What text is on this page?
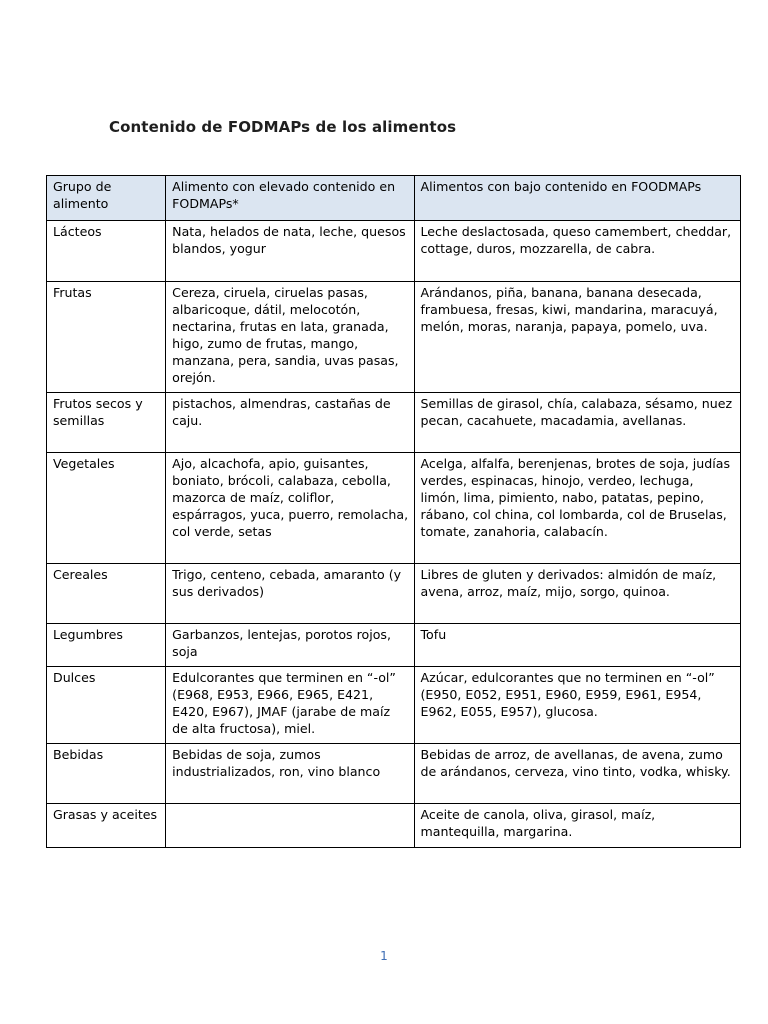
Contenido de FODMAPs de los alimentos
Grupo de alimento	Alimento con elevado contenido en FODMAPs*	Alimentos con bajo contenido en FOODMAPs
Lácteos	Nata, helados de nata, leche, quesos blandos, yogur	Leche deslactosada, queso camembert, cheddar, cottage, duros, mozzarella, de cabra.
Frutas	Cereza, ciruela, ciruelas pasas, albaricoque, dátil, melocotón, nectarina, frutas en lata, granada, higo, zumo de frutas, mango, manzana, pera, sandia, uvas pasas, orejón.	Arándanos, piña, banana, banana desecada, frambuesa, fresas, kiwi, mandarina, maracuyá, melón, moras, naranja, papaya, pomelo, uva.
Frutos secos y semillas	pistachos, almendras, castañas de caju.	Semillas de girasol, chía, calabaza, sésamo, nuez pecan, cacahuete, macadamia, avellanas.
Vegetales	Ajo, alcachofa, apio, guisantes, boniato, brócoli, calabaza, cebolla, mazorca de maíz, coliflor, espárragos, yuca, puerro, remolacha, col verde, setas	Acelga, alfalfa, berenjenas, brotes de soja, judías verdes, espinacas, hinojo, verdeo, lechuga, limón, lima, pimiento, nabo, patatas, pepino, rábano, col china, col lombarda, col de Bruselas, tomate, zanahoria, calabacín.
Cereales	Trigo, centeno, cebada, amaranto (y sus derivados)	Libres de gluten y derivados: almidón de maíz, avena, arroz, maíz, mijo, sorgo, quinoa.
Legumbres	Garbanzos, lentejas, porotos rojos, soja	Tofu
Dulces	Edulcorantes que terminen en “-ol” (E968, E953, E966, E965, E421, E420, E967), JMAF (jarabe de maíz de alta fructosa), miel.	Azúcar, edulcorantes que no terminen en “-ol” (E950, E052, E951, E960, E959, E961, E954, E962, E055, E957), glucosa.
Bebidas	Bebidas de soja, zumos industrializados, ron, vino blanco	Bebidas de arroz, de avellanas, de avena, zumo de arándanos, cerveza, vino tinto, vodka, whisky.
Grasas y aceites		Aceite de canola, oliva, girasol, maíz, mantequilla, margarina.
1
